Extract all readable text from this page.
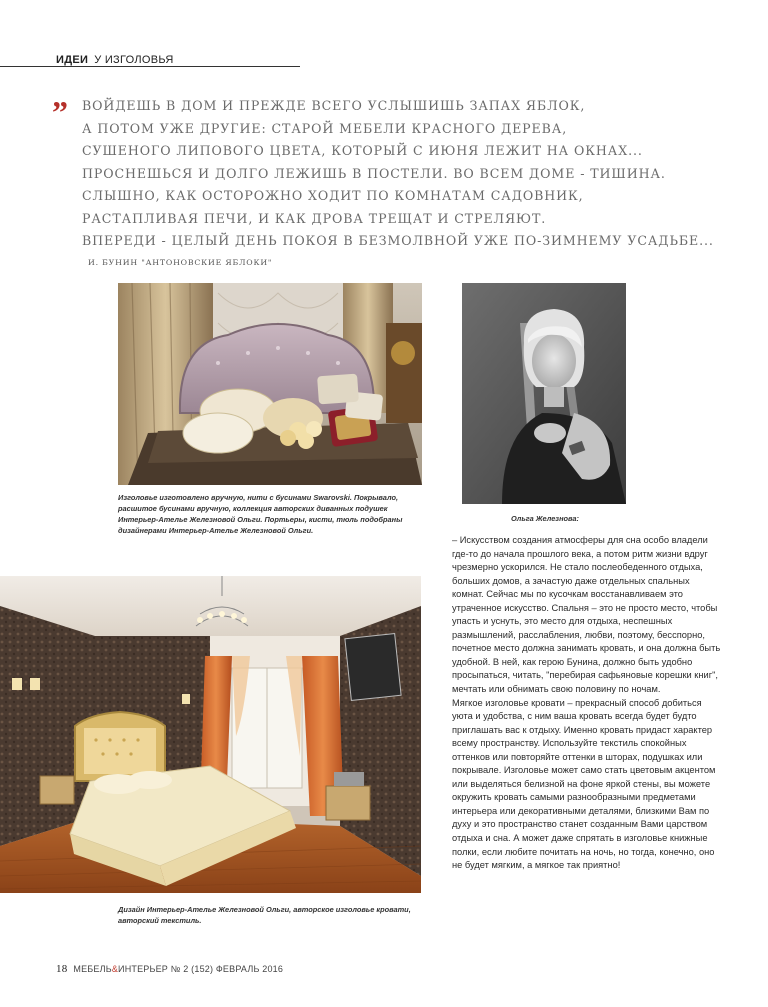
ИДЕИ У ИЗГОЛОВЬЯ
” ВОЙДЕШЬ В ДОМ И ПРЕЖДЕ ВСЕГО УСЛЫШИШЬ ЗАПАХ ЯБЛОК,
А ПОТОМ УЖЕ ДРУГИЕ: СТАРОЙ МЕБЕЛИ КРАСНОГО ДЕРЕВА,
СУШЕНОГО ЛИПОВОГО ЦВЕТА, КОТОРЫЙ С ИЮНЯ ЛЕЖИТ НА ОКНАХ...
ПРОСНЕШЬСЯ И ДОЛГО ЛЕЖИШЬ В ПОСТЕЛИ. ВО ВСЕМ ДОМЕ - ТИШИНА.
СЛЫШНО, КАК ОСТОРОЖНО ХОДИТ ПО КОМНАТАМ САДОВНИК,
РАСТАПЛИВАЯ ПЕЧИ, И КАК ДРОВА ТРЕЩАТ И СТРЕЛЯЮТ.
ВПЕРЕДИ - ЦЕЛЫЙ ДЕНЬ ПОКОЯ В БЕЗМОЛВНОЙ УЖЕ ПО-ЗИМНЕМУ УСАДЬБЕ...
И. БУНИН "АНТОНОВСКИЕ ЯБЛОКИ"
Изголовье изготовлено вручную, нити с бусинами Swarovski. Покрывало, расшитое бусинами вручную, коллекция авторских диванных подушек Интерьер-Ателье Железновой Ольги. Портьеры, кисти, тюль подобраны дизайнерами Интерьер-Ателье Железновой Ольги.
Ольга Железнова:
Дизайн Интерьер-Ателье Железновой Ольги, авторское изголовье кровати, авторский текстиль.

– Искусством создания атмосферы для сна особо владели где-то до начала прошлого века, а потом ритм жизни вдруг чрезмерно ускорился. Не стало послеобеденного отдыха, больших домов, а зачастую даже отдельных спальных комнат. Сейчас мы по кусочкам восстанавливаем это утраченное искусство. Спальня – это не просто место, чтобы упасть и уснуть, это место для отдыха, неспешных размышлений, расслабления, любви, поэтому, бесспорно, почетное место должна занимать кровать, и она должна быть удобной. В ней, как герою Бунина, должно быть удобно просыпаться, читать, "перебирая сафьяновые корешки книг", мечтать или обнимать свою половину по ночам.

Мягкое изголовье кровати – прекрасный способ добиться уюта и удобства, с ним ваша кровать всегда будет будто приглашать вас к отдыху. Именно кровать придаст характер всему пространству. Используйте текстиль спокойных оттенков или повторяйте оттенки в шторах, подушках или покрывале. Изголовье может само стать цветовым акцентом или выделяться белизной на фоне яркой стены, вы можете окружить кровать самыми разнообразными предметами интерьера или декоративными деталями, близкими Вам по духу и это пространство станет созданным Вами царством отдыха и сна. А может даже спрятать в изголовье книжные полки, если любите почитать на ночь, но тогда, конечно, оно не будет мягким, а мягкое так приятно!

18 МЕБЕЛЬ&ИНТЕРЬЕР № 2 (152) ФЕВРАЛЬ 2016
